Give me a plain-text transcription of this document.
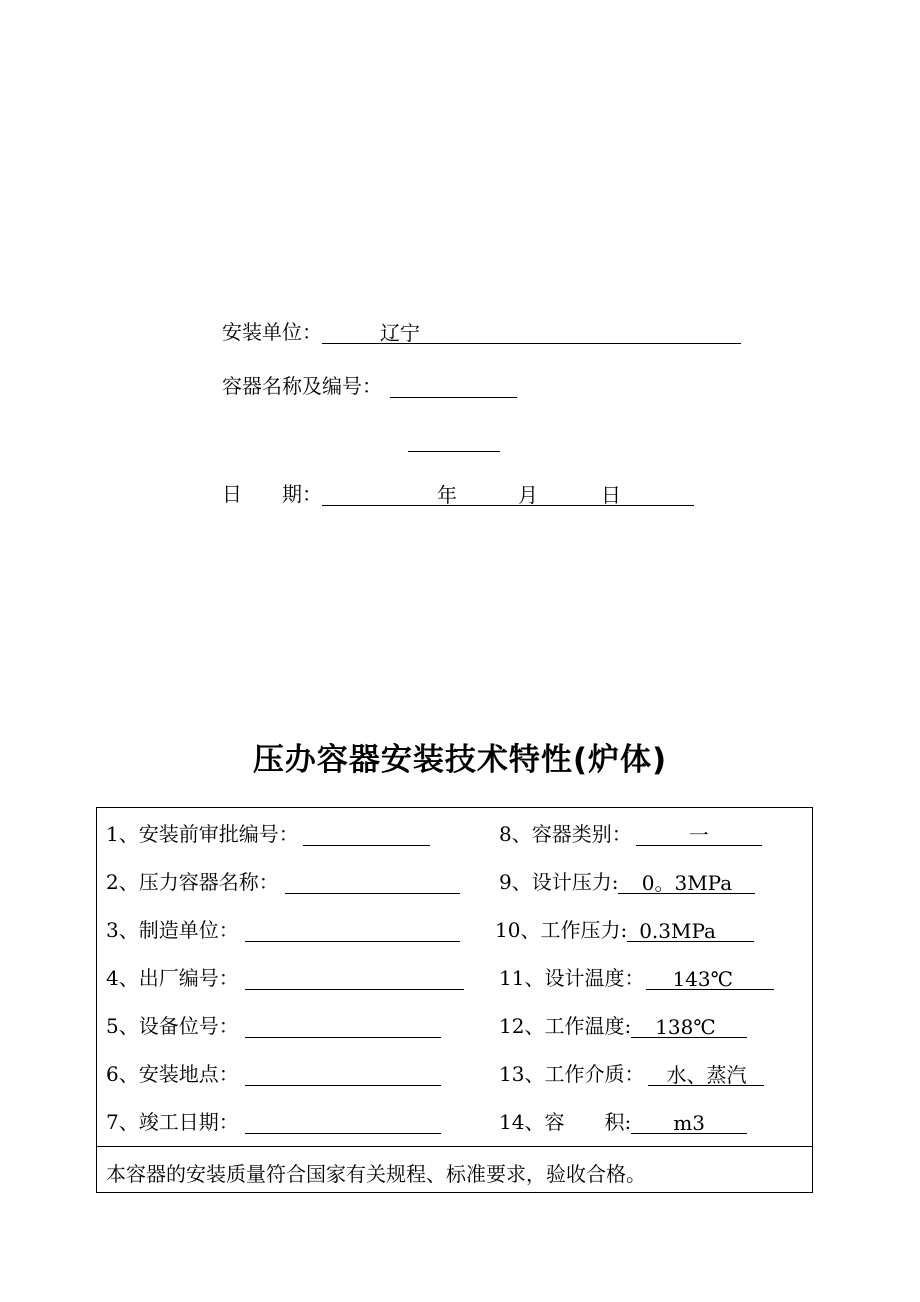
安装单位：	辽宁
容器名称及编号：
日　　期：	年	月	日
压办容器安装技术特性(炉体)
1、安装前审批编号：
2、压力容器名称：
3、制造单位：
4、出厂编号：
5、设备位号：
6、安装地点：
7、竣工日期：
8、容器类别：	一
9、设计压力: 0。3MPa
10、工作压力: 0.3MPa
11、设计温度： 143℃
12、工作温度: 138℃
13、工作介质： 水、蒸汽
14、容　　积: m3
本容器的安装质量符合国家有关规程、标准要求，验收合格。
